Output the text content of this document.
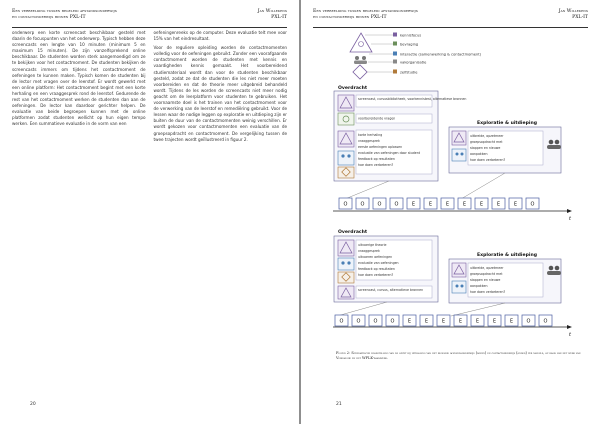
Een verbeelding tussen begeleid afstandsonderwijs
en contactonderwijs binnen PXL-IT
Jan Willekens
PXL-IT

onderwerp een korte screencast beschikbaar gesteld met daarin de focuspunten van het onderwerp. Typisch hebben deze screencasts een lengte van 10 minuten (minimum 5 en maximum 15 minuten). De zijn vanzelfsprekend online beschikbaar. De studenten worden sterk aangemoedigd om ze te bekijken voor het contactmoment. De studenten bekijken de screencasts immers om tijdens het contactmoment de oefeningen te kunnen maken. Typisch komen de studenten bij de lector met vragen over de leerstof. Er wordt gewerkt met een online platform: Het contactmoment begint met een korte herhaling en een vraaggesprek rond de leerstof. Gedurende de rest van het contactmoment werken de studenten dan aan de oefeningen. De lector kan daardoor gerichter helpen. De evaluatie van beide begroepen kunnen met de online platformen zodat studenten wellicht op hun eigen tempo werken. Een summatieve evaluatie in de vorm van een

oefeningenreeks op de computer. Deze evaluatie telt mee voor 15% van het eindresultaat.

Voor de reguliere opleiding worden de contactmomenten volledig voor de oefeningen gebruikt. Zonder een voorafgaande contactmoment worden de studenten met kennis en vaardigheden kennis gemaakt. Het voorbereidend studiemateriaal wordt dan voor de studenten beschikbaar gesteld, zodat ze dat de studenten die les niet meer moeten voorbereiden en dat de theorie meer uitgebreid behandeld wordt. Tijdens de les worden de screencasts niet meer nodig geacht om de leerplatform voor studenten te gebruiken. Het voornaamste doel is het trainen van het contactmoment voor de verwerking van de leerstof en remediëring gebruikt. Voor de lessen waar de nodige leggen op exploratie en uitdieping zijn er buiten de duur van de contactmomenten weinig verschillen. Er wordt gekozen voor contactmomenten een evaluatie van de groepsopdracht en contactmoment. De vergelijking tussen de twee trajecten wordt geïllustreerd in figuur 2.

20
Een verbeelding tussen begeleid afstandsonderwijs
en contactonderwijs binnen PXL-IT
Jan Willekens
PXL-IT
kennisfocus
bevraging
interactie (samenwerking & contactmoment)
vakorganisatie
zelfstudie
Overdracht
screencast, cursusbibliotheek, voorkennistest, alternatieve bronnen
voorbereidende vragen
korte herhaling
vraaggesprek
eerste oefeningen oplossen
evaluatie van oefeningen door student
feedback op resultaten
hoe doen verbeteren?
Exploratie & uitdieping
uitbreide, opzetmeer
groepsopdracht met
stappen en nieuwe
aanpakken
hoe doen verbeteren?
O	O	O	O	E	E	E	E	E	E	E	O
t
Overdracht
uitvoerige theorie
vraaggesprek
uitvoeren oefeningen
evaluatie van oefeningen
feedback op resultaten
hoe doen verbeteren?
screencast, cursus, alternatieve bronnen
Exploratie & uitdieping
uitbreide, opzetmeer
groepsopdracht met
stappen en nieuwe
aanpakken
hoe doen verbeteren?
O	O	O	O	E	E	E	E	E	E	E	O	O
t
Figuur 2: Schematische voorstelling van de opzet bij uitrolling van het begeleid afstandsonderwijs (boven) en contactonderwijs (onder) per module, op basis van het werk van Verhaeghe en het WFLK-raamwerk.
21
